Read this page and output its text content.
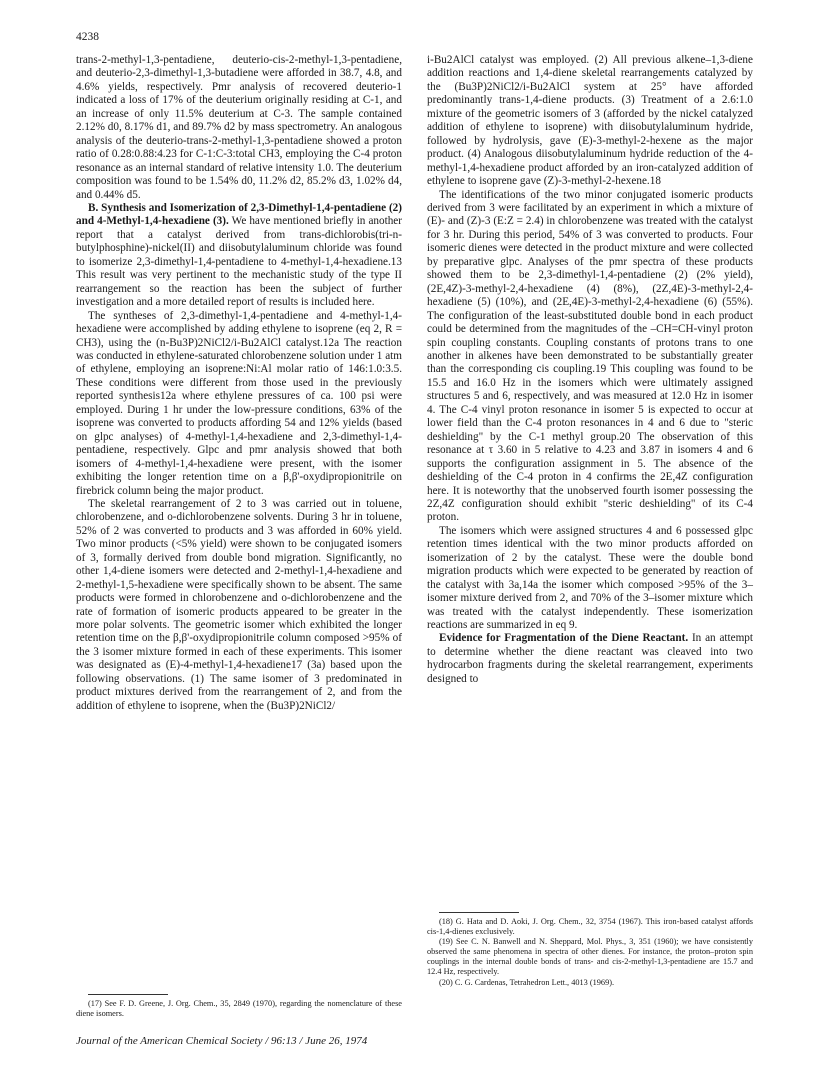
4238

trans-2-methyl-1,3-pentadiene, deuterio-cis-2-methyl-1,3-pentadiene, and deuterio-2,3-dimethyl-1,3-butadiene were afforded in 38.7, 4.8, and 4.6% yields, respectively. Pmr analysis of recovered deuterio-1 indicated a loss of 17% of the deuterium originally residing at C-1, and an increase of only 11.5% deuterium at C-3. The sample contained 2.12% d0, 8.17% d1, and 89.7% d2 by mass spectrometry. An analogous analysis of the deuterio-trans-2-methyl-1,3-pentadiene showed a proton ratio of 0.28:0.88:4.23 for C-1:C-3:total CH3, employing the C-4 proton resonance as an internal standard of relative intensity 1.0. The deuterium composition was found to be 1.54% d0, 11.2% d2, 85.2% d3, 1.02% d4, and 0.44% d5.

B. Synthesis and Isomerization of 2,3-Dimethyl-1,4-pentadiene (2) and 4-Methyl-1,4-hexadiene (3). We have mentioned briefly in another report that a catalyst derived from trans-dichlorobis(tri-n-butylphosphine)-nickel(II) and diisobutylaluminum chloride was found to isomerize 2,3-dimethyl-1,4-pentadiene to 4-methyl-1,4-hexadiene.13 This result was very pertinent to the mechanistic study of the type II rearrangement so the reaction has been the subject of further investigation and a more detailed report of results is included here.

The syntheses of 2,3-dimethyl-1,4-pentadiene and 4-methyl-1,4-hexadiene were accomplished by adding ethylene to isoprene (eq 2, R = CH3), using the (n-Bu3P)2NiCl2/i-Bu2AlCl catalyst.12a The reaction was conducted in ethylene-saturated chlorobenzene solution under 1 atm of ethylene, employing an isoprene:Ni:Al molar ratio of 146:1.0:3.5. These conditions were different from those used in the previously reported synthesis12a where ethylene pressures of ca. 100 psi were employed. During 1 hr under the low-pressure conditions, 63% of the isoprene was converted to products affording 54 and 12% yields (based on glpc analyses) of 4-methyl-1,4-hexadiene and 2,3-dimethyl-1,4-pentadiene, respectively. Glpc and pmr analysis showed that both isomers of 4-methyl-1,4-hexadiene were present, with the isomer exhibiting the longer retention time on a β,β'-oxydipropionitrile on firebrick column being the major product.

The skeletal rearrangement of 2 to 3 was carried out in toluene, chlorobenzene, and o-dichlorobenzene solvents. During 3 hr in toluene, 52% of 2 was converted to products and 3 was afforded in 60% yield. Two minor products (<5% yield) were shown to be conjugated isomers of 3, formally derived from double bond migration. Significantly, no other 1,4-diene isomers were detected and 2-methyl-1,4-hexadiene and 2-methyl-1,5-hexadiene were specifically shown to be absent. The same products were formed in chlorobenzene and o-dichlorobenzene and the rate of formation of isomeric products appeared to be greater in the more polar solvents. The geometric isomer which exhibited the longer retention time on the β,β'-oxydipropionitrile column composed >95% of the 3 isomer mixture formed in each of these experiments. This isomer was designated as (E)-4-methyl-1,4-hexadiene17 (3a) based upon the following observations. (1) The same isomer of 3 predominated in product mixtures derived from the rearrangement of 2, and from the addition of ethylene to isoprene, when the (Bu3P)2NiCl2/

(17) See F. D. Greene, J. Org. Chem., 35, 2849 (1970), regarding the nomenclature of these diene isomers.

i-Bu2AlCl catalyst was employed. (2) All previous alkene–1,3-diene addition reactions and 1,4-diene skeletal rearrangements catalyzed by the (Bu3P)2NiCl2/i-Bu2AlCl system at 25° have afforded predominantly trans-1,4-diene products. (3) Treatment of a 2.6:1.0 mixture of the geometric isomers of 3 (afforded by the nickel catalyzed addition of ethylene to isoprene) with diisobutylaluminum hydride, followed by hydrolysis, gave (E)-3-methyl-2-hexene as the major product. (4) Analogous diisobutylaluminum hydride reduction of the 4-methyl-1,4-hexadiene product afforded by an iron-catalyzed addition of ethylene to isoprene gave (Z)-3-methyl-2-hexene.18

The identifications of the two minor conjugated isomeric products derived from 3 were facilitated by an experiment in which a mixture of (E)- and (Z)-3 (E:Z = 2.4) in chlorobenzene was treated with the catalyst for 3 hr. During this period, 54% of 3 was converted to products. Four isomeric dienes were detected in the product mixture and were collected by preparative glpc. Analyses of the pmr spectra of these products showed them to be 2,3-dimethyl-1,4-pentadiene (2) (2% yield), (2E,4Z)-3-methyl-2,4-hexadiene (4) (8%), (2Z,4E)-3-methyl-2,4-hexadiene (5) (10%), and (2E,4E)-3-methyl-2,4-hexadiene (6) (55%). The configuration of the least-substituted double bond in each product could be determined from the magnitudes of the –CH=CH-vinyl proton spin coupling constants. Coupling constants of protons trans to one another in alkenes have been demonstrated to be substantially greater than the corresponding cis coupling.19 This coupling was found to be 15.5 and 16.0 Hz in the isomers which were ultimately assigned structures 5 and 6, respectively, and was measured at 12.0 Hz in isomer 4. The C-4 vinyl proton resonance in isomer 5 is expected to occur at lower field than the C-4 proton resonances in 4 and 6 due to "steric deshielding" by the C-1 methyl group.20 The observation of this resonance at τ 3.60 in 5 relative to 4.23 and 3.87 in isomers 4 and 6 supports the configuration assignment in 5. The absence of the deshielding of the C-4 proton in 4 confirms the 2E,4Z configuration here. It is noteworthy that the unobserved fourth isomer possessing the 2Z,4Z configuration should exhibit "steric deshielding" of its C-4 proton.

The isomers which were assigned structures 4 and 6 possessed glpc retention times identical with the two minor products afforded on isomerization of 2 by the catalyst. These were the double bond migration products which were expected to be generated by reaction of the catalyst with 3a,14a the isomer which composed >95% of the 3–isomer mixture derived from 2, and 70% of the 3–isomer mixture which was treated with the catalyst independently. These isomerization reactions are summarized in eq 9.

Evidence for Fragmentation of the Diene Reactant. In an attempt to determine whether the diene reactant was cleaved into two hydrocarbon fragments during the skeletal rearrangement, experiments designed to

(18) G. Hata and D. Aoki, J. Org. Chem., 32, 3754 (1967). This iron-based catalyst affords cis-1,4-dienes exclusively.

(19) See C. N. Banwell and N. Sheppard, Mol. Phys., 3, 351 (1960); we have consistently observed the same phenomena in spectra of other dienes. For instance, the proton–proton spin couplings in the internal double bonds of trans- and cis-2-methyl-1,3-pentadiene are 15.7 and 12.4 Hz, respectively.

(20) C. G. Cardenas, Tetrahedron Lett., 4013 (1969).

Journal of the American Chemical Society / 96:13 / June 26, 1974
